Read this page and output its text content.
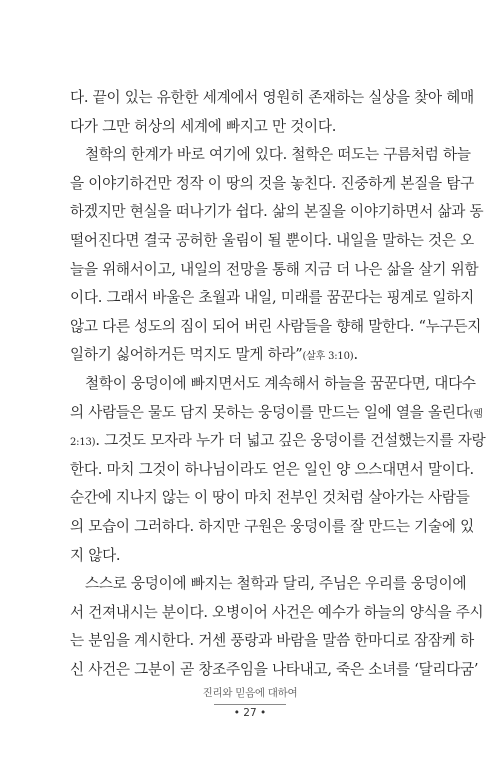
다. 끝이 있는 유한한 세계에서 영원히 존재하는 실상을 찾아 헤매
다가 그만 허상의 세계에 빠지고 만 것이다.
철학의 한계가 바로 여기에 있다. 철학은 떠도는 구름처럼 하늘
을 이야기하건만 정작 이 땅의 것을 놓친다. 진중하게 본질을 탐구
하겠지만 현실을 떠나기가 쉽다. 삶의 본질을 이야기하면서 삶과 동
떨어진다면 결국 공허한 울림이 될 뿐이다. 내일을 말하는 것은 오
늘을 위해서이고, 내일의 전망을 통해 지금 더 나은 삶을 살기 위함
이다. 그래서 바울은 초월과 내일, 미래를 꿈꾼다는 핑계로 일하지
않고 다른 성도의 짐이 되어 버린 사람들을 향해 말한다. “누구든지
일하기 싫어하거든 먹지도 말게 하라”(살후 3:10).
철학이 웅덩이에 빠지면서도 계속해서 하늘을 꿈꾼다면, 대다수
의 사람들은 물도 담지 못하는 웅덩이를 만드는 일에 열을 올린다(렘
2:13). 그것도 모자라 누가 더 넓고 깊은 웅덩이를 건설했는지를 자랑
한다. 마치 그것이 하나님이라도 얻은 일인 양 으스대면서 말이다.
순간에 지나지 않는 이 땅이 마치 전부인 것처럼 살아가는 사람들
의 모습이 그러하다. 하지만 구원은 웅덩이를 잘 만드는 기술에 있
지 않다.
스스로 웅덩이에 빠지는 철학과 달리, 주님은 우리를 웅덩이에
서 건져내시는 분이다. 오병이어 사건은 예수가 하늘의 양식을 주시
는 분임을 계시한다. 거센 풍랑과 바람을 말씀 한마디로 잠잠케 하
신 사건은 그분이 곧 창조주임을 나타내고, 죽은 소녀를 ‘달리다굼’
진리와 믿음에 대하여
• 27 •
